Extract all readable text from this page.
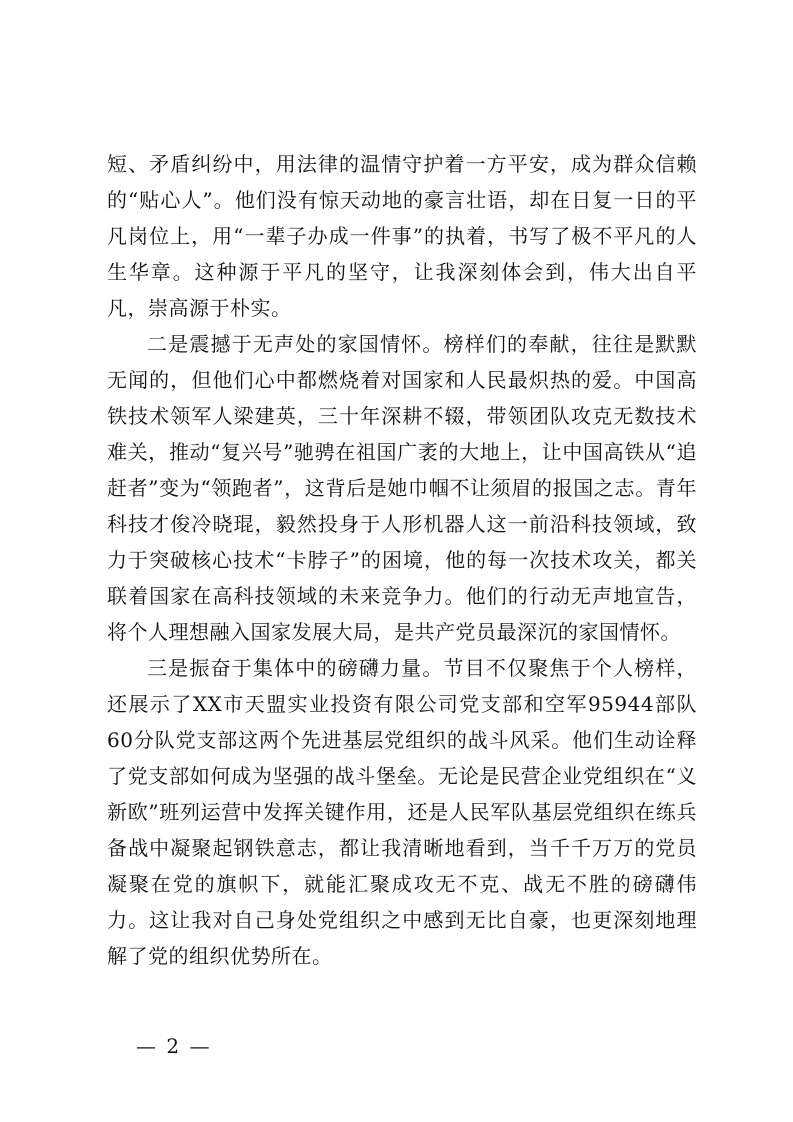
短、矛盾纠纷中，用法律的温情守护着一方平安，成为群众信赖的“贴心人”。他们没有惊天动地的豪言壮语，却在日复一日的平凡岗位上，用“一辈子办成一件事”的执着，书写了极不平凡的人生华章。这种源于平凡的坚守，让我深刻体会到，伟大出自平凡，崇高源于朴实。

二是震撼于无声处的家国情怀。榜样们的奉献，往往是默默无闻的，但他们心中都燃烧着对国家和人民最炽热的爱。中国高铁技术领军人梁建英，三十年深耕不辍，带领团队攻克无数技术难关，推动“复兴号”驰骋在祖国广袤的大地上，让中国高铁从“追赶者”变为“领跑者”，这背后是她巾帼不让须眉的报国之志。青年科技才俊冷晓琨，毅然投身于人形机器人这一前沿科技领域，致力于突破核心技术“卡脖子”的困境，他的每一次技术攻关，都关联着国家在高科技领域的未来竞争力。他们的行动无声地宣告，将个人理想融入国家发展大局，是共产党员最深沉的家国情怀。

三是振奋于集体中的磅礴力量。节目不仅聚焦于个人榜样，还展示了XX市天盟实业投资有限公司党支部和空军95944部队60分队党支部这两个先进基层党组织的战斗风采。他们生动诠释了党支部如何成为坚强的战斗堡垒。无论是民营企业党组织在“义新欧”班列运营中发挥关键作用，还是人民军队基层党组织在练兵备战中凝聚起钢铁意志，都让我清晰地看到，当千千万万的党员凝聚在党的旗帜下，就能汇聚成攻无不克、战无不胜的磅礴伟力。这让我对自己身处党组织之中感到无比自豪，也更深刻地理解了党的组织优势所在。

— 2 —
